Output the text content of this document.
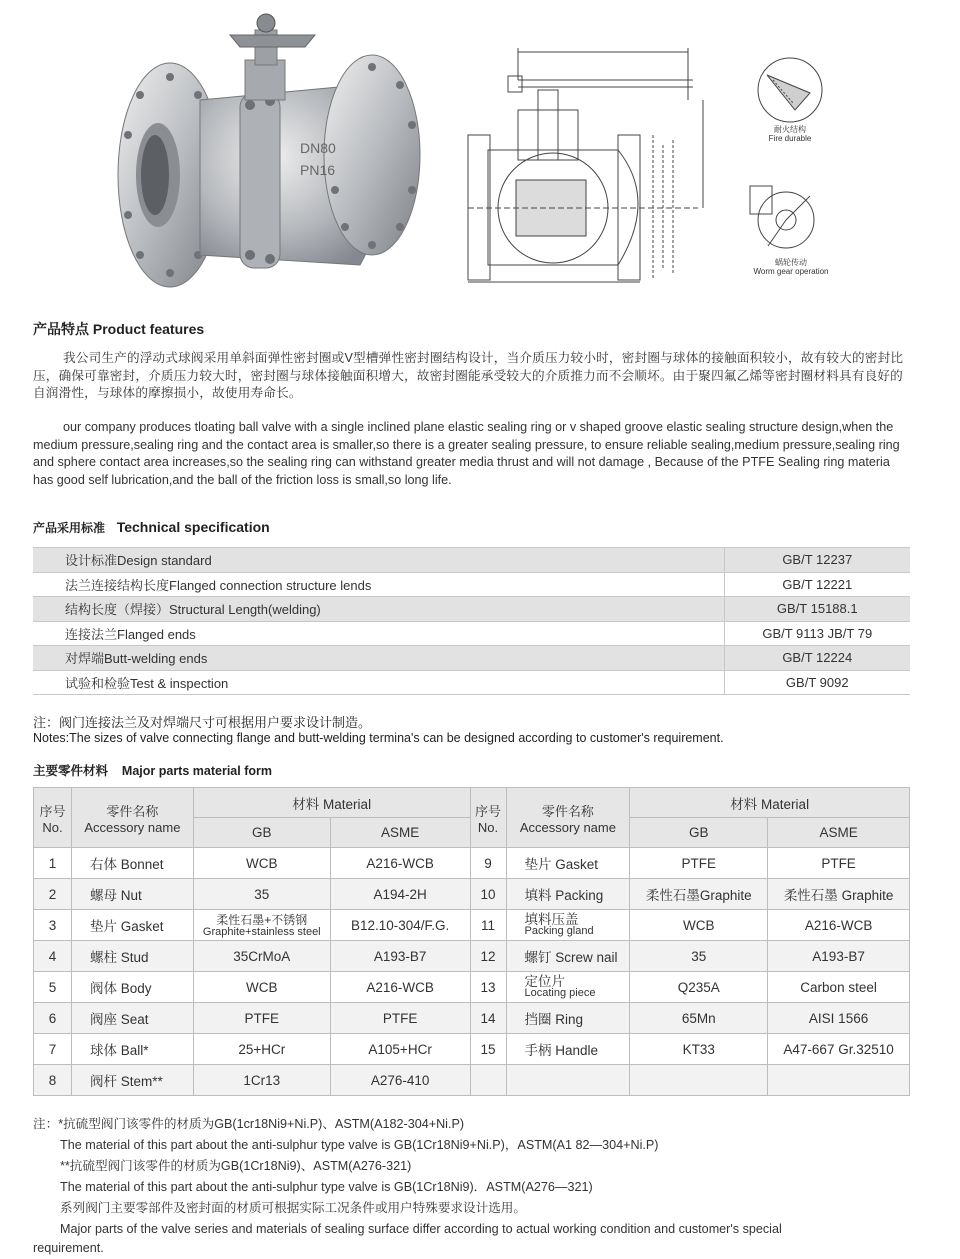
DN80
PN16
耐火结构
Fire durable
蜗轮传动
Worm gear operation
产品特点 Product features

我公司生产的浮动式球阀采用单斜面弹性密封圈或V型槽弹性密封圈结构设计，当介质压力较小时，密封圈与球体的接触面积较小，故有较大的密封比压，确保可靠密封，介质压力较大时，密封圈与球体接触面积增大，故密封圈能承受较大的介质推力而不会顺坏。由于聚四氟乙烯等密封圈材料具有良好的自润滑性，与球体的摩擦损小，故使用寿命长。

our company produces tloating ball valve with a single inclined plane elastic sealing ring or v shaped groove elastic sealing structure design,when the medium pressure,sealing ring and the contact area is smaller,so there is a greater sealing pressure, to ensure reliable sealing,medium pressure,sealing ring and sphere contact area increases,so the sealing ring can withstand greater media thrust and will not damage , Because of the PTFE Sealing ring materia has good self lubrication,and the ball of the friction loss is small,so long life.

产品采用标准 Technical specification
设计标准Design standard	GB/T 12237
法兰连接结构长度Flanged connection structure lends	GB/T 12221
结构长度（焊接）Structural Length(welding)	GB/T 15188.1
连接法兰Flanged ends	GB/T 9113 JB/T 79
对焊端Butt-welding ends	GB/T 12224
试验和检验Test & inspection	GB/T 9092
注：阀门连接法兰及对焊端尺寸可根据用户要求设计制造。
Notes:The sizes of valve connecting flange and butt-welding termina's can be designed according to customer's requirement.
主要零件材料 Major parts material form
序号
No.	零件名称
Accessory name	材料 Material		序号
No.	零件名称
Accessory name	材料 Material	
		GB	ASME			GB	ASME
1	右体 Bonnet	WCB	A216-WCB	9	垫片 Gasket	PTFE	PTFE
2	螺母 Nut	35	A194-2H	10	填料 Packing	柔性石墨Graphite	柔性石墨 Graphite
3	垫片 Gasket	柔性石墨+不锈钢
Graphite+stainless steel	B12.10-304/F.G.	11	填料压盖
Packing gland	WCB	A216-WCB
4	螺柱 Stud	35CrMoA	A193-B7	12	螺钉 Screw nail	35	A193-B7
5	阀体 Body	WCB	A216-WCB	13	定位片
Locating piece	Q235A	Carbon steel
6	阀座 Seat	PTFE	PTFE	14	挡圈 Ring	65Mn	AISI 1566
7	球体 Ball*	25+HCr	A105+HCr	15	手柄 Handle	KT33	A47-667 Gr.32510
8	阀杆 Stem**	1Cr13	A276-410				
注：*抗硫型阀门该零件的材质为GB(1cr18Ni9+Ni.P)、ASTM(A182-304+Ni.P)
The material of this part about the anti-sulphur type valve is GB(1Cr18Ni9+Ni.P)，ASTM(A1 82—304+Ni.P)
**抗硫型阀门该零件的材质为GB(1Cr18Ni9)、ASTM(A276-321)
The material of this part about the anti-sulphur type valve is GB(1Cr18Ni9)．ASTM(A276—321)
系列阀门主要零部件及密封面的材质可根据实际工况条件或用户特殊要求设计选用。
Major parts of the valve series and materials of sealing surface differ according to actual working condition and customer's special
requirement.
